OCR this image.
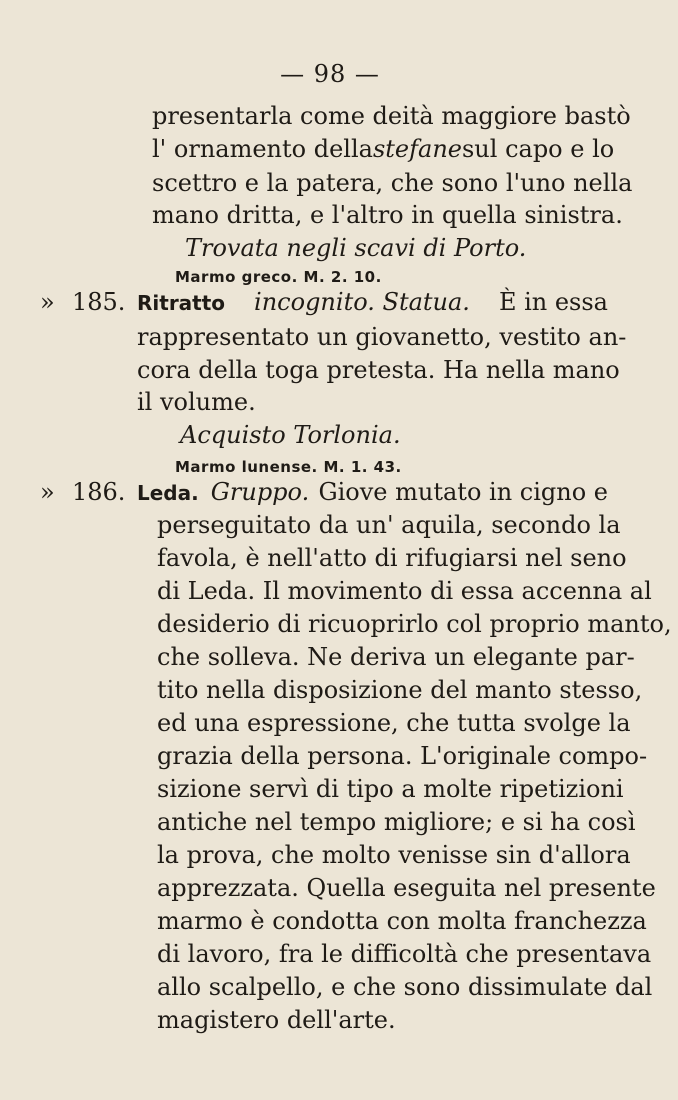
— 98 —
presentarla come deità maggiore bastò
l' ornamento della stefane sul capo e lo
scettro e la patera, che sono l'uno nella
mano dritta, e l'altro in quella sinistra.
Trovata negli scavi di Porto.
Marmo greco. M. 2. 10.
» 185. Ritratto incognito. Statua. È in essa
rappresentato un giovanetto, vestito an-
cora della toga pretesta. Ha nella mano
il volume.
Acquisto Torlonia.
Marmo lunense. M. 1. 43.
» 186. Leda. Gruppo. Giove mutato in cigno e
perseguitato da un' aquila, secondo la
favola, è nell'atto di rifugiarsi nel seno
di Leda. Il movimento di essa accenna al
desiderio di ricuoprirlo col proprio manto,
che solleva. Ne deriva un elegante par-
tito nella disposizione del manto stesso,
ed una espressione, che tutta svolge la
grazia della persona. L'originale compo-
sizione servì di tipo a molte ripetizioni
antiche nel tempo migliore; e si ha così
la prova, che molto venisse sin d'allora
apprezzata. Quella eseguita nel presente
marmo è condotta con molta franchezza
di lavoro, fra le difficoltà che presentava
allo scalpello, e che sono dissimulate dal
magistero dell'arte.
